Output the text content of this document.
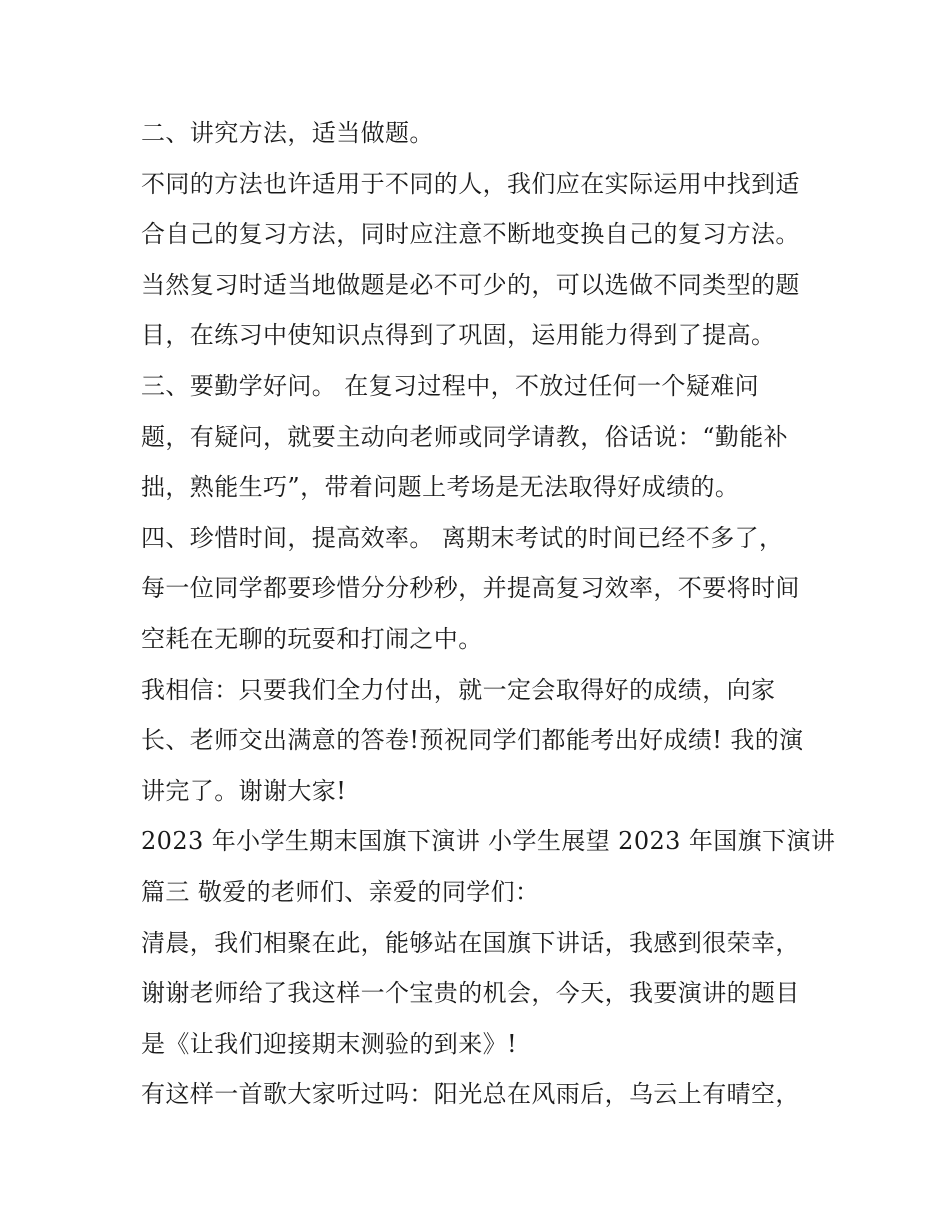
二、讲究方法，适当做题。
不同的方法也许适用于不同的人，我们应在实际运用中找到适
合自己的复习方法，同时应注意不断地变换自己的复习方法。
当然复习时适当地做题是必不可少的，可以选做不同类型的题
目，在练习中使知识点得到了巩固，运用能力得到了提高。
三、要勤学好问。 在复习过程中，不放过任何一个疑难问
题，有疑问，就要主动向老师或同学请教，俗话说：“勤能补
拙，熟能生巧”，带着问题上考场是无法取得好成绩的。
四、珍惜时间，提高效率。 离期末考试的时间已经不多了，
每一位同学都要珍惜分分秒秒，并提高复习效率，不要将时间
空耗在无聊的玩耍和打闹之中。
我相信：只要我们全力付出，就一定会取得好的成绩，向家
长、老师交出满意的答卷!预祝同学们都能考出好成绩! 我的演
讲完了。谢谢大家!
2023 年小学生期末国旗下演讲 小学生展望 2023 年国旗下演讲
篇三 敬爱的老师们、亲爱的同学们：
清晨，我们相聚在此，能够站在国旗下讲话，我感到很荣幸，
谢谢老师给了我这样一个宝贵的机会，今天，我要演讲的题目
是《让我们迎接期末测验的到来》!
有这样一首歌大家听过吗：阳光总在风雨后，乌云上有晴空，
